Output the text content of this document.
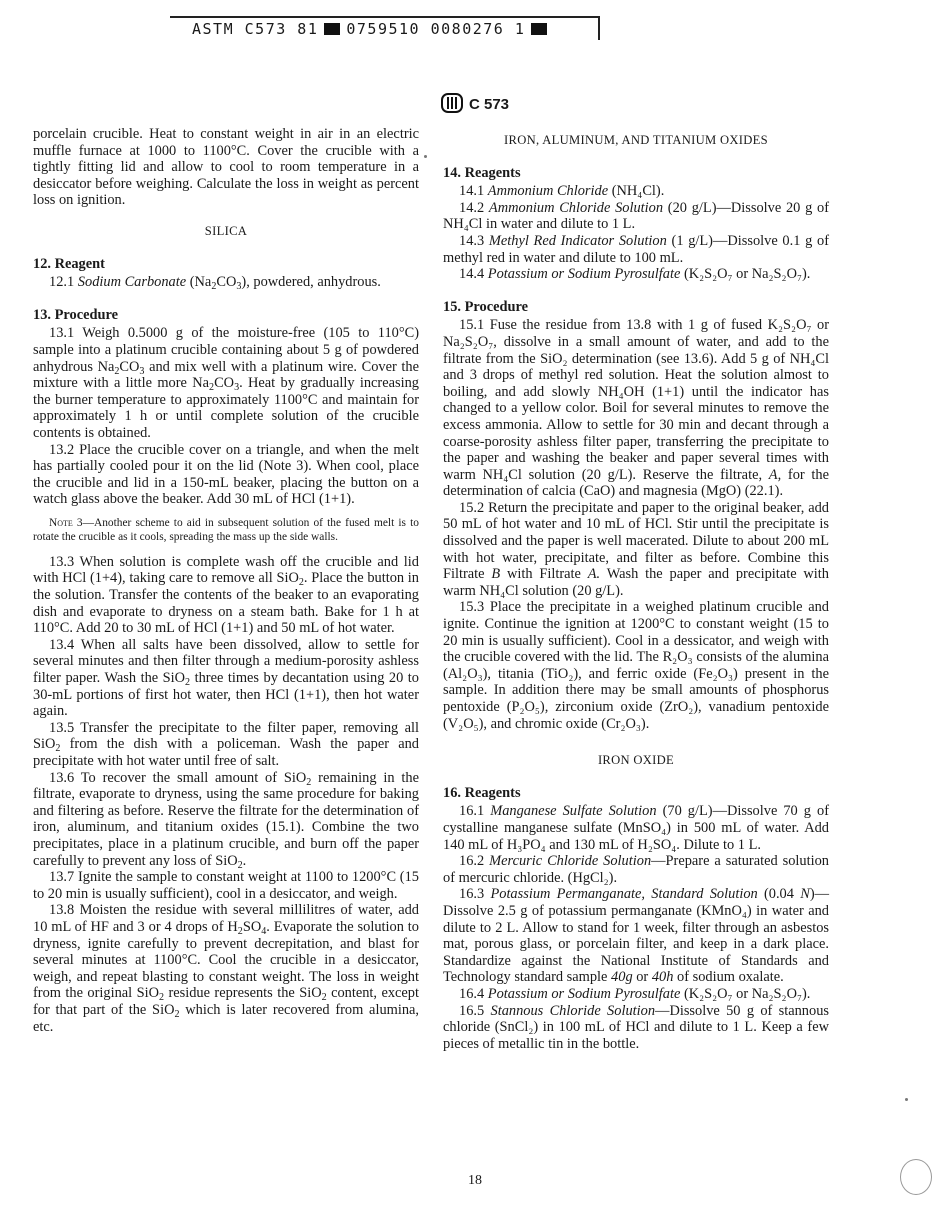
ASTM C573 81 0759510 0080276 1
C 573

porcelain crucible. Heat to constant weight in air in an electric muffle furnace at 1000 to 1100°C. Cover the crucible with a tightly fitting lid and allow to cool to room temperature in a desiccator before weighing. Calculate the loss in weight as percent loss on ignition.

SILICA

12. Reagent

12.1 Sodium Carbonate $(Na_2CO_3)$, powdered, anhydrous.

13. Procedure

13.1 Weigh 0.5000 g of the moisture-free (105 to 110°C) sample into a platinum crucible containing about 5 g of powdered anhydrous $Na_2CO_3$ and mix well with a platinum wire. Cover the mixture with a little more $Na_2CO_3$. Heat by gradually increasing the burner temperature to approximately 1100°C and maintain for approximately 1 h or until complete solution of the crucible contents is obtained.

13.2 Place the crucible cover on a triangle, and when the melt has partially cooled pour it on the lid (Note 3). When cool, place the crucible and lid in a 150-mL beaker, placing the button on a watch glass above the beaker. Add 30 mL of HCl (1+1).

Note 3—Another scheme to aid in subsequent solution of the fused melt is to rotate the crucible as it cools, spreading the mass up the side walls.

13.3 When solution is complete wash off the crucible and lid with HCl (1+4), taking care to remove all SiO$_2$. Place the button in the solution. Transfer the contents of the beaker to an evaporating dish and evaporate to dryness on a steam bath. Bake for 1 h at 110°C. Add 20 to 30 mL of HCl (1+1) and 50 mL of hot water.

13.4 When all salts have been dissolved, allow to settle for several minutes and then filter through a medium-porosity ashless filter paper. Wash the SiO$_2$ three times by decantation using 20 to 30-mL portions of first hot water, then HCl (1+1), then hot water again.

13.5 Transfer the precipitate to the filter paper, removing all SiO$_2$ from the dish with a policeman. Wash the paper and precipitate with hot water until free of salt.

13.6 To recover the small amount of SiO$_2$ remaining in the filtrate, evaporate to dryness, using the same procedure for baking and filtering as before. Reserve the filtrate for the determination of iron, aluminum, and titanium oxides (15.1). Combine the two precipitates, place in a platinum crucible, and burn off the paper carefully to prevent any loss of SiO$_2$.

13.7 Ignite the sample to constant weight at 1100 to 1200°C (15 to 20 min is usually sufficient), cool in a desiccator, and weigh.

13.8 Moisten the residue with several millilitres of water, add 10 mL of HF and 3 or 4 drops of $H_2SO_4$. Evaporate the solution to dryness, ignite carefully to prevent decrepitation, and blast for several minutes at 1100°C. Cool the crucible in a desiccator, weigh, and repeat blasting to constant weight. The loss in weight from the original SiO$_2$ residue represents the SiO$_2$ content, except for that part of the SiO$_2$ which is later recovered from alumina, etc.

IRON, ALUMINUM, AND TITANIUM OXIDES

14. Reagents

14.1 Ammonium Chloride (NH₄Cl).

14.2 Ammonium Chloride Solution (20 g/L)—Dissolve 20 g of NH₄Cl in water and dilute to 1 L.

14.3 Methyl Red Indicator Solution (1 g/L)—Dissolve 0.1 g of methyl red in water and dilute to 100 mL.

14.4 Potassium or Sodium Pyrosulfate (K₂S₂O₇ or Na₂S₂O₇).

15. Procedure

15.1 Fuse the residue from 13.8 with 1 g of fused K₂S₂O₇ or Na₂S₂O₇, dissolve in a small amount of water, and add to the filtrate from the SiO₂ determination (see 13.6). Add 5 g of NH₄Cl and 3 drops of methyl red solution. Heat the solution almost to boiling, and add slowly NH₄OH (1+1) until the indicator has changed to a yellow color. Boil for several minutes to remove the excess ammonia. Allow to settle for 30 min and decant through a coarse-porosity ashless filter paper, transferring the precipitate to the paper and washing the beaker and paper several times with warm NH₄Cl solution (20 g/L). Reserve the filtrate, A, for the determination of calcia (CaO) and magnesia (MgO) (22.1).

15.2 Return the precipitate and paper to the original beaker, add 50 mL of hot water and 10 mL of HCl. Stir until the precipitate is dissolved and the paper is well macerated. Dilute to about 200 mL with hot water, precipitate, and filter as before. Combine this Filtrate B with Filtrate A. Wash the paper and precipitate with warm NH₄Cl solution (20 g/L).

15.3 Place the precipitate in a weighed platinum crucible and ignite. Continue the ignition at 1200°C to constant weight (15 to 20 min is usually sufficient). Cool in a dessicator, and weigh with the crucible covered with the lid. The R₂O₃ consists of the alumina (Al₂O₃), titania (TiO₂), and ferric oxide (Fe₂O₃) present in the sample. In addition there may be small amounts of phosphorus pentoxide (P₂O₅), zirconium oxide (ZrO₂), vanadium pentoxide (V₂O₅), and chromic oxide (Cr₂O₃).

IRON OXIDE

16. Reagents

16.1 Manganese Sulfate Solution (70 g/L)—Dissolve 70 g of cystalline manganese sulfate (MnSO₄) in 500 mL of water. Add 140 mL of H₃PO₄ and 130 mL of H₂SO₄. Dilute to 1 L.

16.2 Mercuric Chloride Solution—Prepare a saturated solution of mercuric chloride. (HgCl₂).

16.3 Potassium Permanganate, Standard Solution (0.04 N)—Dissolve 2.5 g of potassium permanganate (KMnO₄) in water and dilute to 2 L. Allow to stand for 1 week, filter through an asbestos mat, porous glass, or porcelain filter, and keep in a dark place. Standardize against the National Institute of Standards and Technology standard sample 40g or 40h of sodium oxalate.

16.4 Potassium or Sodium Pyrosulfate (K₂S₂O₇ or Na₂S₂O₇).

16.5 Stannous Chloride Solution—Dissolve 50 g of stannous chloride (SnCl₂) in 100 mL of HCl and dilute to 1 L. Keep a few pieces of metallic tin in the bottle.

18
